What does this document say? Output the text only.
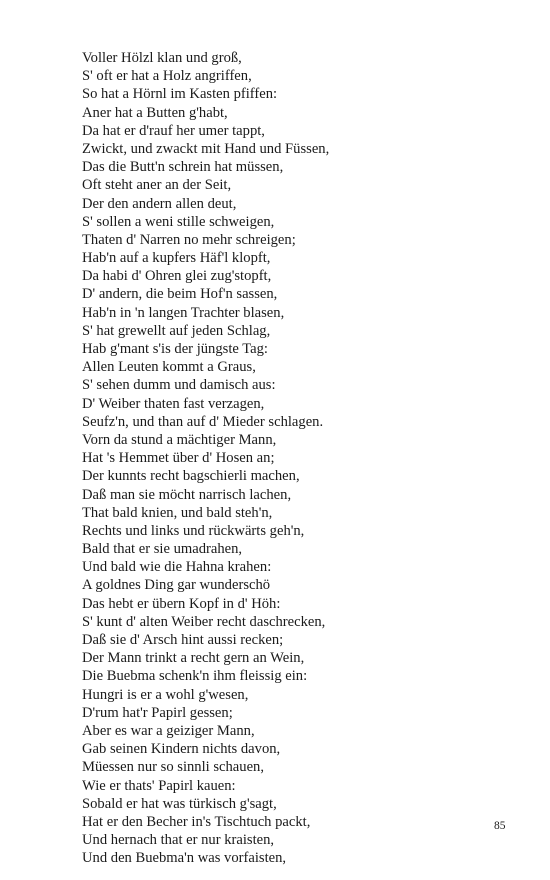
Voller Hölzl klan und groß,
S' oft er hat a Holz angriffen,
So hat a Hörnl im Kasten pfiffen:
Aner hat a Butten g'habt,
Da hat er d'rauf her umer tappt,
Zwickt, und zwackt mit Hand und Füssen,
Das die Butt'n schrein hat müssen,
Oft steht aner an der Seit,
Der den andern allen deut,
S' sollen a weni stille schweigen,
Thaten d' Narren no mehr schreigen;
Hab'n auf a kupfers Häf'l klopft,
Da habi d' Ohren glei zug'stopft,
D' andern, die beim Hof'n sassen,
Hab'n in 'n langen Trachter blasen,
S' hat grewellt auf jeden Schlag,
Hab g'mant s'is der jüngste Tag:
Allen Leuten kommt a Graus,
S' sehen dumm und damisch aus:
D' Weiber thaten fast verzagen,
Seufz'n, und than auf d' Mieder schlagen.
Vorn da stund a mächtiger Mann,
Hat 's Hemmet über d' Hosen an;
Der kunnts recht bagschierli machen,
Daß man sie möcht narrisch lachen,
That bald knien, und bald steh'n,
Rechts und links und rückwärts geh'n,
Bald that er sie umadrahen,
Und bald wie die Hahna krahen:
A goldnes Ding gar wunderschö
Das hebt er übern Kopf in d' Höh:
S' kunt d' alten Weiber recht daschrecken,
Daß sie d' Arsch hint aussi recken;
Der Mann trinkt a recht gern an Wein,
Die Buebma schenk'n ihm fleissig ein:
Hungri is er a wohl g'wesen,
D'rum hat'r Papirl gessen;
Aber es war a geiziger Mann,
Gab seinen Kindern nichts davon,
Müessen nur so sinnli schauen,
Wie er thats' Papirl kauen:
Sobald er hat was türkisch g'sagt,
Hat er den Becher in's Tischtuch packt,
Und hernach that er nur kraisten,
Und den Buebma'n was vorfaisten,
85
